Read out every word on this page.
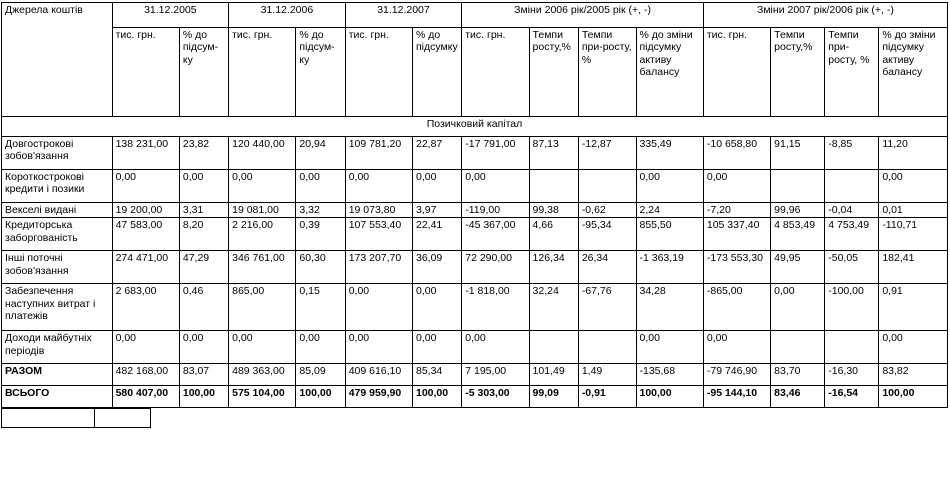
Джерела коштів	31.12.2005		31.12.2006		31.12.2007		Зміни 2006 рік/2005 рік (+, -)				Зміни 2007 рік/2006 рік (+, -)			
	тис. грн.	% до підсум-ку	тис. грн.	% до підсум-ку	тис. грн.	% до підсумку	тис. грн.	Темпи росту,%	Темпи при-росту, %	% до зміни підсумку активу балансу	тис. грн.	Темпи росту,%	Темпи при-росту, %	% до зміни підсумку активу балансу
Позичковий капітал														
Довгострокові зобов'язання	138 231,00	23,82	120 440,00	20,94	109 781,20	22,87	-17 791,00	87,13	-12,87	335,49	-10 658,80	91,15	-8,85	11,20
Короткострокові кредити і позики	0,00	0,00	0,00	0,00	0,00	0,00	0,00			0,00	0,00			0,00
Векселі видані	19 200,00	3,31	19 081,00	3,32	19 073,80	3,97	-119,00	99,38	-0,62	2,24	-7,20	99,96	-0,04	0,01
Кредиторська заборгованість	47 583,00	8,20	2 216,00	0,39	107 553,40	22,41	-45 367,00	4,66	-95,34	855,50	105 337,40	4 853,49	4 753,49	-110,71
Інші поточні зобов'язання	274 471,00	47,29	346 761,00	60,30	173 207,70	36,09	72 290,00	126,34	26,34	-1 363,19	-173 553,30	49,95	-50,05	182,41
Забезпечення наступних витрат і платежів	2 683,00	0,46	865,00	0,15	0,00	0,00	-1 818,00	32,24	-67,76	34,28	-865,00	0,00	-100,00	0,91
Доходи майбутніх періодів	0,00	0,00	0,00	0,00	0,00	0,00	0,00			0,00	0,00			0,00
РАЗОМ	482 168,00	83,07	489 363,00	85,09	409 616,10	85,34	7 195,00	101,49	1,49	-135,68	-79 746,90	83,70	-16,30	83,82
ВСЬОГО	580 407,00	100,00	575 104,00	100,00	479 959,90	100,00	-5 303,00	99,09	-0,91	100,00	-95 144,10	83,46	-16,54	100,00
